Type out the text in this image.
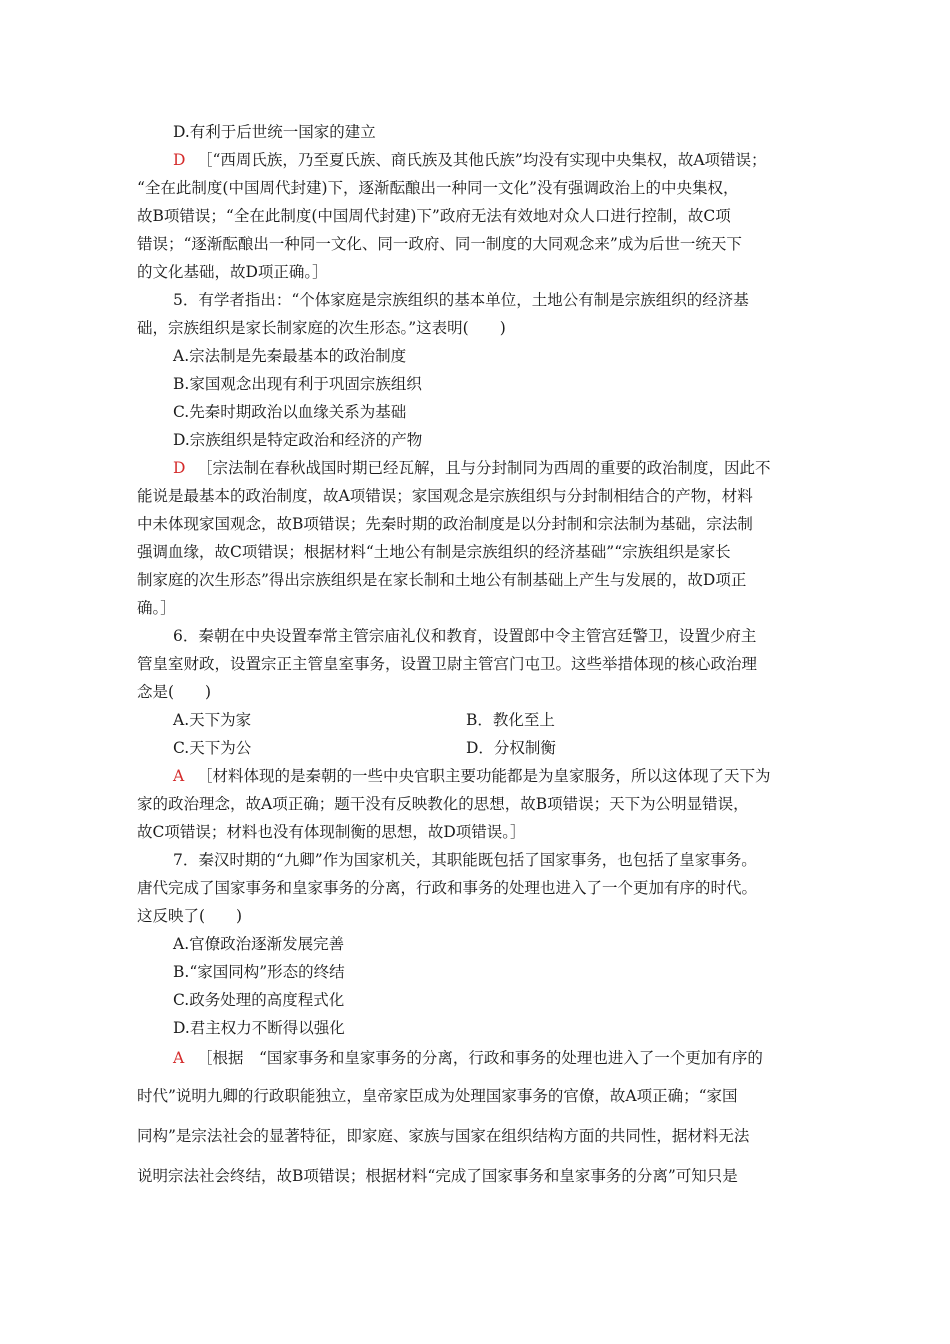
D.有利于后世统一国家的建立
D ［“西周氏族，乃至夏氏族、商氏族及其他氏族”均没有实现中央集权，故A项错误；
“全在此制度(中国周代封建)下，逐渐酝酿出一种同一文化”没有强调政治上的中央集权，
故B项错误；“全在此制度(中国周代封建)下”政府无法有效地对众人口进行控制，故C项
错误；“逐渐酝酿出一种同一文化、同一政府、同一制度的大同观念来”成为后世一统天下
的文化基础，故D项正确。］
5．有学者指出：“个体家庭是宗族组织的基本单位，土地公有制是宗族组织的经济基
础，宗族组织是家长制家庭的次生形态。”这表明(　　)
A.宗法制是先秦最基本的政治制度
B.家国观念出现有利于巩固宗族组织
C.先秦时期政治以血缘关系为基础
D.宗族组织是特定政治和经济的产物
D ［宗法制在春秋战国时期已经瓦解，且与分封制同为西周的重要的政治制度，因此不
能说是最基本的政治制度，故A项错误；家国观念是宗族组织与分封制相结合的产物，材料
中未体现家国观念，故B项错误；先秦时期的政治制度是以分封制和宗法制为基础，宗法制
强调血缘，故C项错误；根据材料“土地公有制是宗族组织的经济基础”“宗族组织是家长
制家庭的次生形态”得出宗族组织是在家长制和土地公有制基础上产生与发展的，故D项正
确。］
6．秦朝在中央设置奉常主管宗庙礼仪和教育，设置郎中令主管宫廷警卫，设置少府主
管皇室财政，设置宗正主管皇室事务，设置卫尉主管宫门屯卫。这些举措体现的核心政治理
念是(　　)
A.天下为家	B．教化至上
C.天下为公	D．分权制衡
A ［材料体现的是秦朝的一些中央官职主要功能都是为皇家服务，所以这体现了天下为
家的政治理念，故A项正确；题干没有反映教化的思想，故B项错误；天下为公明显错误，
故C项错误；材料也没有体现制衡的思想，故D项错误。］
7．秦汉时期的“九卿”作为国家机关，其职能既包括了国家事务，也包括了皇家事务。
唐代完成了国家事务和皇家事务的分离，行政和事务的处理也进入了一个更加有序的时代。
这反映了(　　)
A.官僚政治逐渐发展完善
B.“家国同构”形态的终结
C.政务处理的高度程式化
D.君主权力不断得以强化
A ［根据　“国家事务和皇家事务的分离，行政和事务的处理也进入了一个更加有序的
时代”说明九卿的行政职能独立，皇帝家臣成为处理国家事务的官僚，故A项正确；“家国
同构”是宗法社会的显著特征，即家庭、家族与国家在组织结构方面的共同性，据材料无法
说明宗法社会终结，故B项错误；根据材料“完成了国家事务和皇家事务的分离”可知只是
